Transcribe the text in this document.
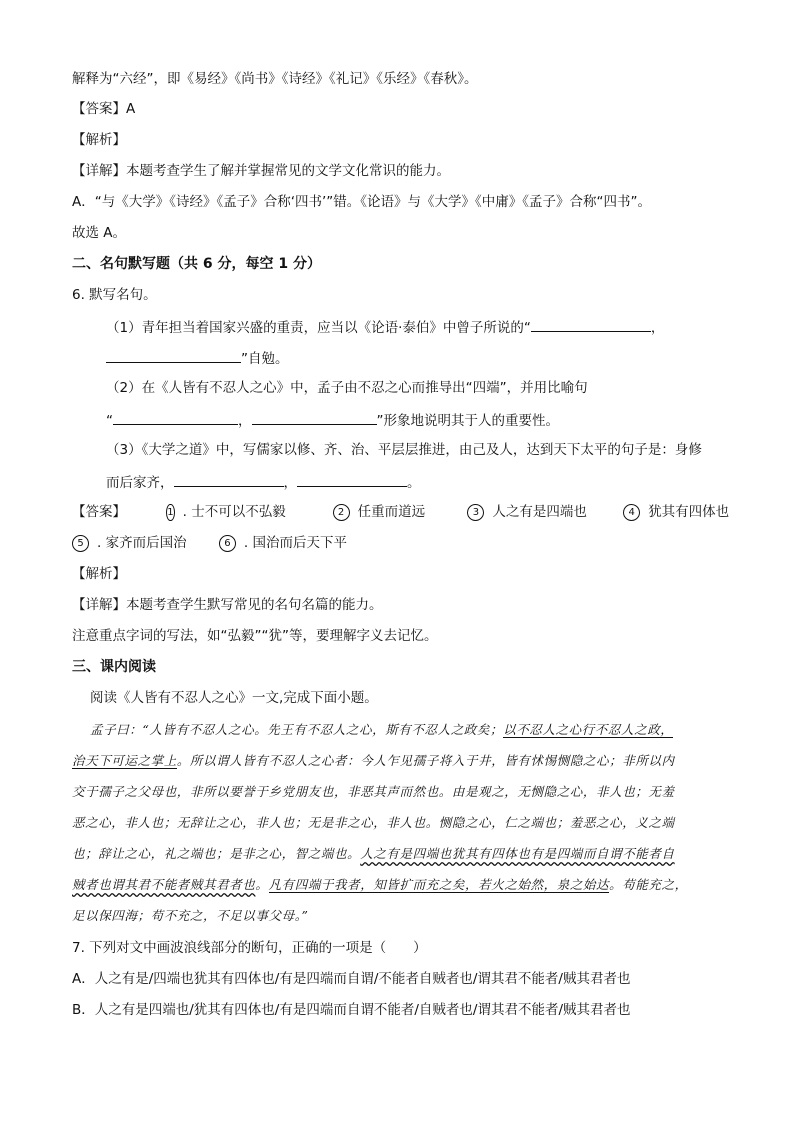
解释为“六经”，即《易经》《尚书》《诗经》《礼记》《乐经》《春秋》。
【答案】A
【解析】
【详解】本题考查学生了解并掌握常见的文学文化常识的能力。
A．“与《大学》《诗经》《孟子》合称‘四书’”错。《论语》与《大学》《中庸》《孟子》合称“四书”。
故选 A。
二、名句默写题（共 6 分，每空 1 分）
6. 默写名句。
（1）青年担当着国家兴盛的重责，应当以《论语·泰伯》中曾子所说的“	，
”自勉。
（2）在《人皆有不忍人之心》中，孟子由不忍之心而推导出“四端”，并用比喻句
“	，	”形象地说明其于人的重要性。
（3）《大学之道》中，写儒家以修、齐、治、平层层推进，由己及人，达到天下太平的句子是：身修
而后家齐，	，	。
【答案】	1 . 士不可以不弘毅
	2 任重而道远
	3 人之有是四端也
	4 犹其有四体也
5 . 家齐而后国治
	6 . 国治而后天下平
【解析】
【详解】本题考查学生默写常见的名句名篇的能力。
注意重点字词的写法，如“弘毅”“犹”等，要理解字义去记忆。
三、课内阅读
阅读《人皆有不忍人之心》一文,完成下面小题。
孟子曰：“人皆有不忍人之心。先王有不忍人之心，斯有不忍人之政矣；以不忍人之心行不忍人之政，
治天下可运之掌上。所以谓人皆有不忍人之心者：今人乍见孺子将入于井，皆有怵惕恻隐之心；非所以内
交于孺子之父母也，非所以要誉于乡党朋友也，非恶其声而然也。由是观之，无恻隐之心，非人也；无羞
恶之心，非人也；无辞让之心，非人也；无是非之心，非人也。恻隐之心，仁之端也；羞恶之心，义之端
也；辞让之心，礼之端也；是非之心，智之端也。人之有是四端也犹其有四体也有是四端而自谓不能者自
贼者也谓其君不能者贼其君者也。凡有四端于我者，知皆扩而充之矣，若火之始然，泉之始达。苟能充之，
足以保四海；苟不充之，不足以事父母。”
7. 下列对文中画波浪线部分的断句，正确的一项是（　　）
A．人之有是/四端也犹其有四体也/有是四端而自谓/不能者自贼者也/谓其君不能者/贼其君者也
B．人之有是四端也/犹其有四体也/有是四端而自谓不能者/自贼者也/谓其君不能者/贼其君者也
